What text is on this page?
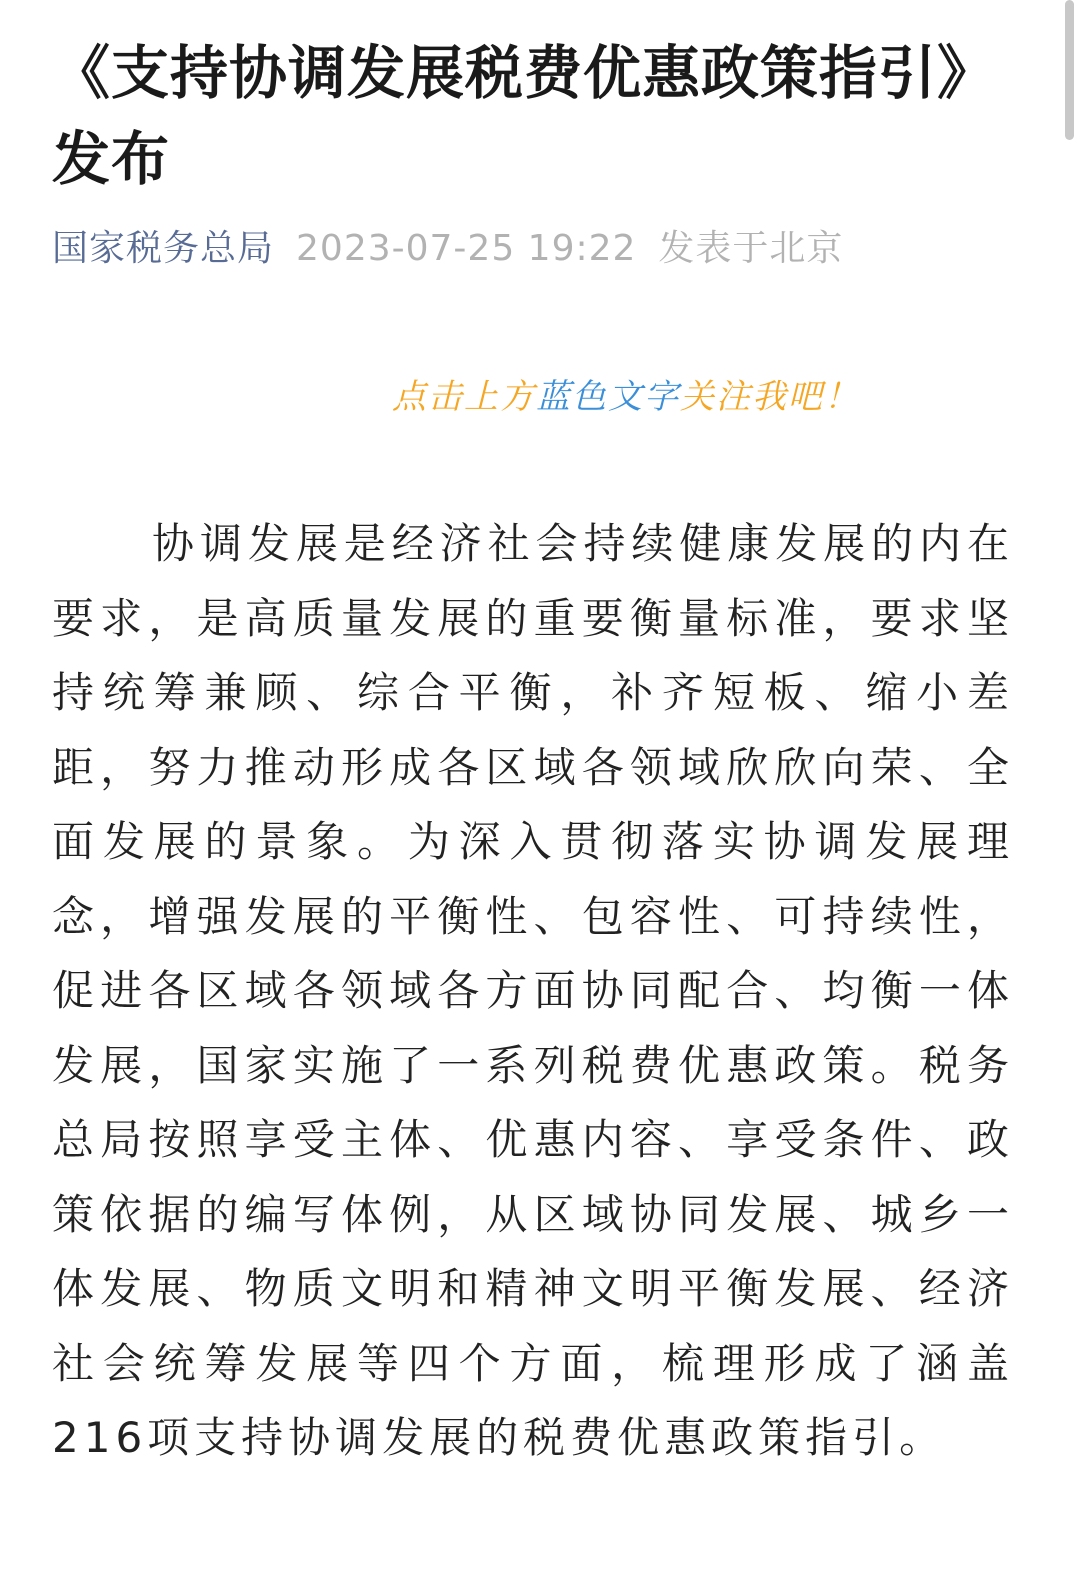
《支持协调发展税费优惠政策指引》发布
国家税务总局 2023-07-25 19:22 发表于北京
点击上方蓝色文字关注我吧！

协调发展是经济社会持续健康发展的内在要求，是高质量发展的重要衡量标准，要求坚持统筹兼顾、综合平衡，补齐短板、缩小差距，努力推动形成各区域各领域欣欣向荣、全面发展的景象。为深入贯彻落实协调发展理念，增强发展的平衡性、包容性、可持续性，促进各区域各领域各方面协同配合、均衡一体发展，国家实施了一系列税费优惠政策。税务总局按照享受主体、优惠内容、享受条件、政策依据的编写体例，从区域协同发展、城乡一体发展、物质文明和精神文明平衡发展、经济社会统筹发展等四个方面，梳理形成了涵盖216项支持协调发展的税费优惠政策指引。
